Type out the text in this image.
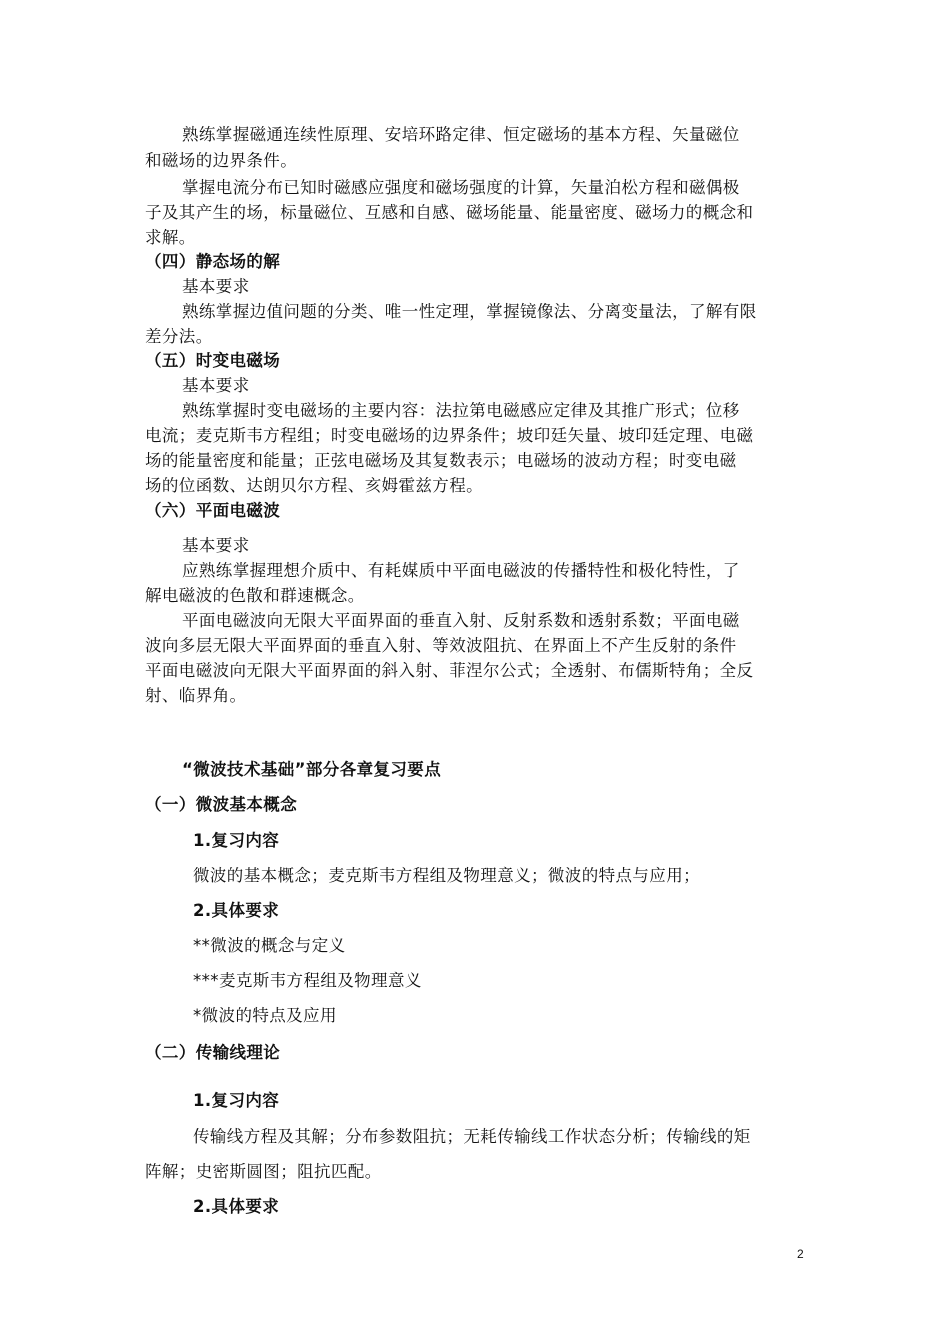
熟练掌握磁通连续性原理、安培环路定律、恒定磁场的基本方程、矢量磁位
和磁场的边界条件。
掌握电流分布已知时磁感应强度和磁场强度的计算，矢量泊松方程和磁偶极
子及其产生的场，标量磁位、互感和自感、磁场能量、能量密度、磁场力的概念和
求解。
（四）静态场的解
基本要求
熟练掌握边值问题的分类、唯一性定理，掌握镜像法、分离变量法，了解有限
差分法。
（五）时变电磁场
基本要求
熟练掌握时变电磁场的主要内容：法拉第电磁感应定律及其推广形式；位移
电流；麦克斯韦方程组；时变电磁场的边界条件；坡印廷矢量、坡印廷定理、电磁
场的能量密度和能量；正弦电磁场及其复数表示；电磁场的波动方程；时变电磁
场的位函数、达朗贝尔方程、亥姆霍兹方程。
（六）平面电磁波
基本要求
应熟练掌握理想介质中、有耗媒质中平面电磁波的传播特性和极化特性，了
解电磁波的色散和群速概念。
平面电磁波向无限大平面界面的垂直入射、反射系数和透射系数；平面电磁
波向多层无限大平面界面的垂直入射、等效波阻抗、在界面上不产生反射的条件
平面电磁波向无限大平面界面的斜入射、菲涅尔公式；全透射、布儒斯特角；全反
射、临界角。
“微波技术基础”部分各章复习要点
（一）微波基本概念
1.复习内容
微波的基本概念；麦克斯韦方程组及物理意义；微波的特点与应用；
2.具体要求
**微波的概念与定义
***麦克斯韦方程组及物理意义
*微波的特点及应用
（二）传输线理论
1.复习内容
传输线方程及其解；分布参数阻抗；无耗传输线工作状态分析；传输线的矩
阵解；史密斯圆图；阻抗匹配。
2.具体要求
2
